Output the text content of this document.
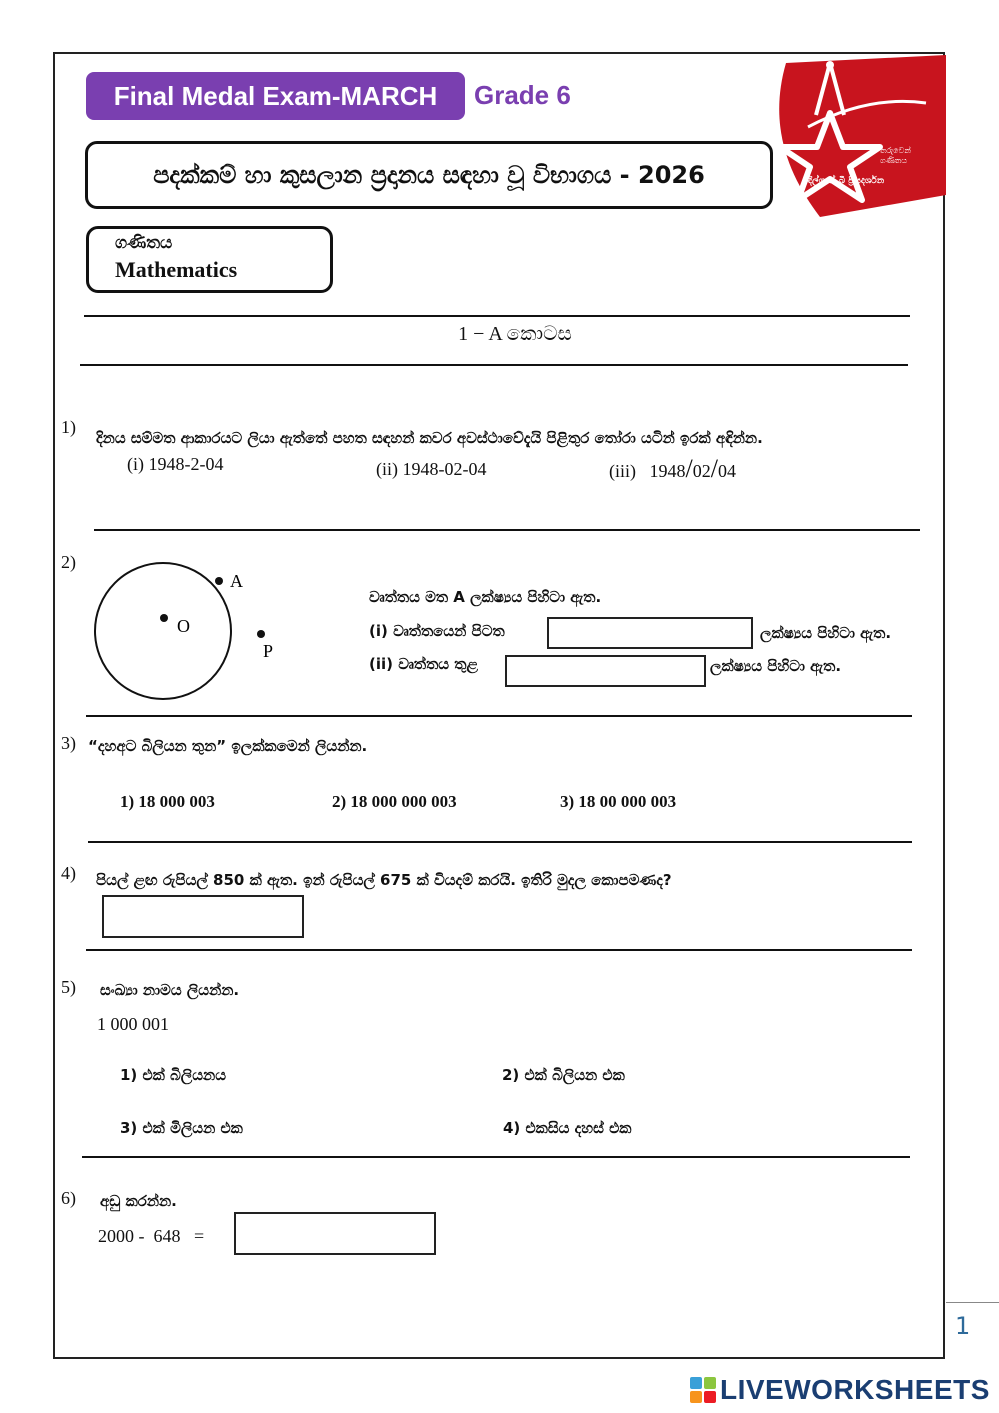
Final Medal Exam-MARCH	Grade 6
පදක්කම් හා කුසලාන ප්‍රදානය සඳහා වූ විභාගය - 2026
ගණිතය
Mathematics
තරුවෙන්
ගණිතය
දිල්ශාන් බී ප්‍රියදර්ශන
1 − A කොටස
1)
දිනය සම්මත ආකාරයට ලියා ඇත්තේ පහත සඳහන් කවර අවස්ථාවේදැයි පිළිතුර තෝරා යටින් ඉරක් අඳින්න.
(i) 1948-2-04	(ii) 1948-02-04	(iii) 1948/02/04
2)
A
O
P
වෘත්තය මත A ලක්ෂ්‍යය පිහිටා ඇත.
(i) වෘත්තයෙන් පිටත	ලක්ෂ්‍යය පිහිටා ඇත.
(ii) වෘත්තය තුළ	ලක්ෂ්‍යය පිහිටා ඇත.
3) “දහඅට බිලියන තුන” ඉලක්කමෙන් ලියන්න.
1) 18 000 003	2) 18 000 000 003	3) 18 00 000 003
4) පියල් ළඟ රුපියල් 850 ක් ඇත. ඉන් රුපියල් 675 ක් වියදම් කරයි. ඉතිරි මුදල කොපමණද?
5) සංඛ්‍යා නාමය ලියන්න.
1 000 001
1) එක් බිලියනය	2) එක් බිලියන එක
3) එක් මිලියන එක	4) එකසිය දහස් එක
6) අඩු කරන්න.
2000 -  648   =
1
LIVEWORKSHEETS
